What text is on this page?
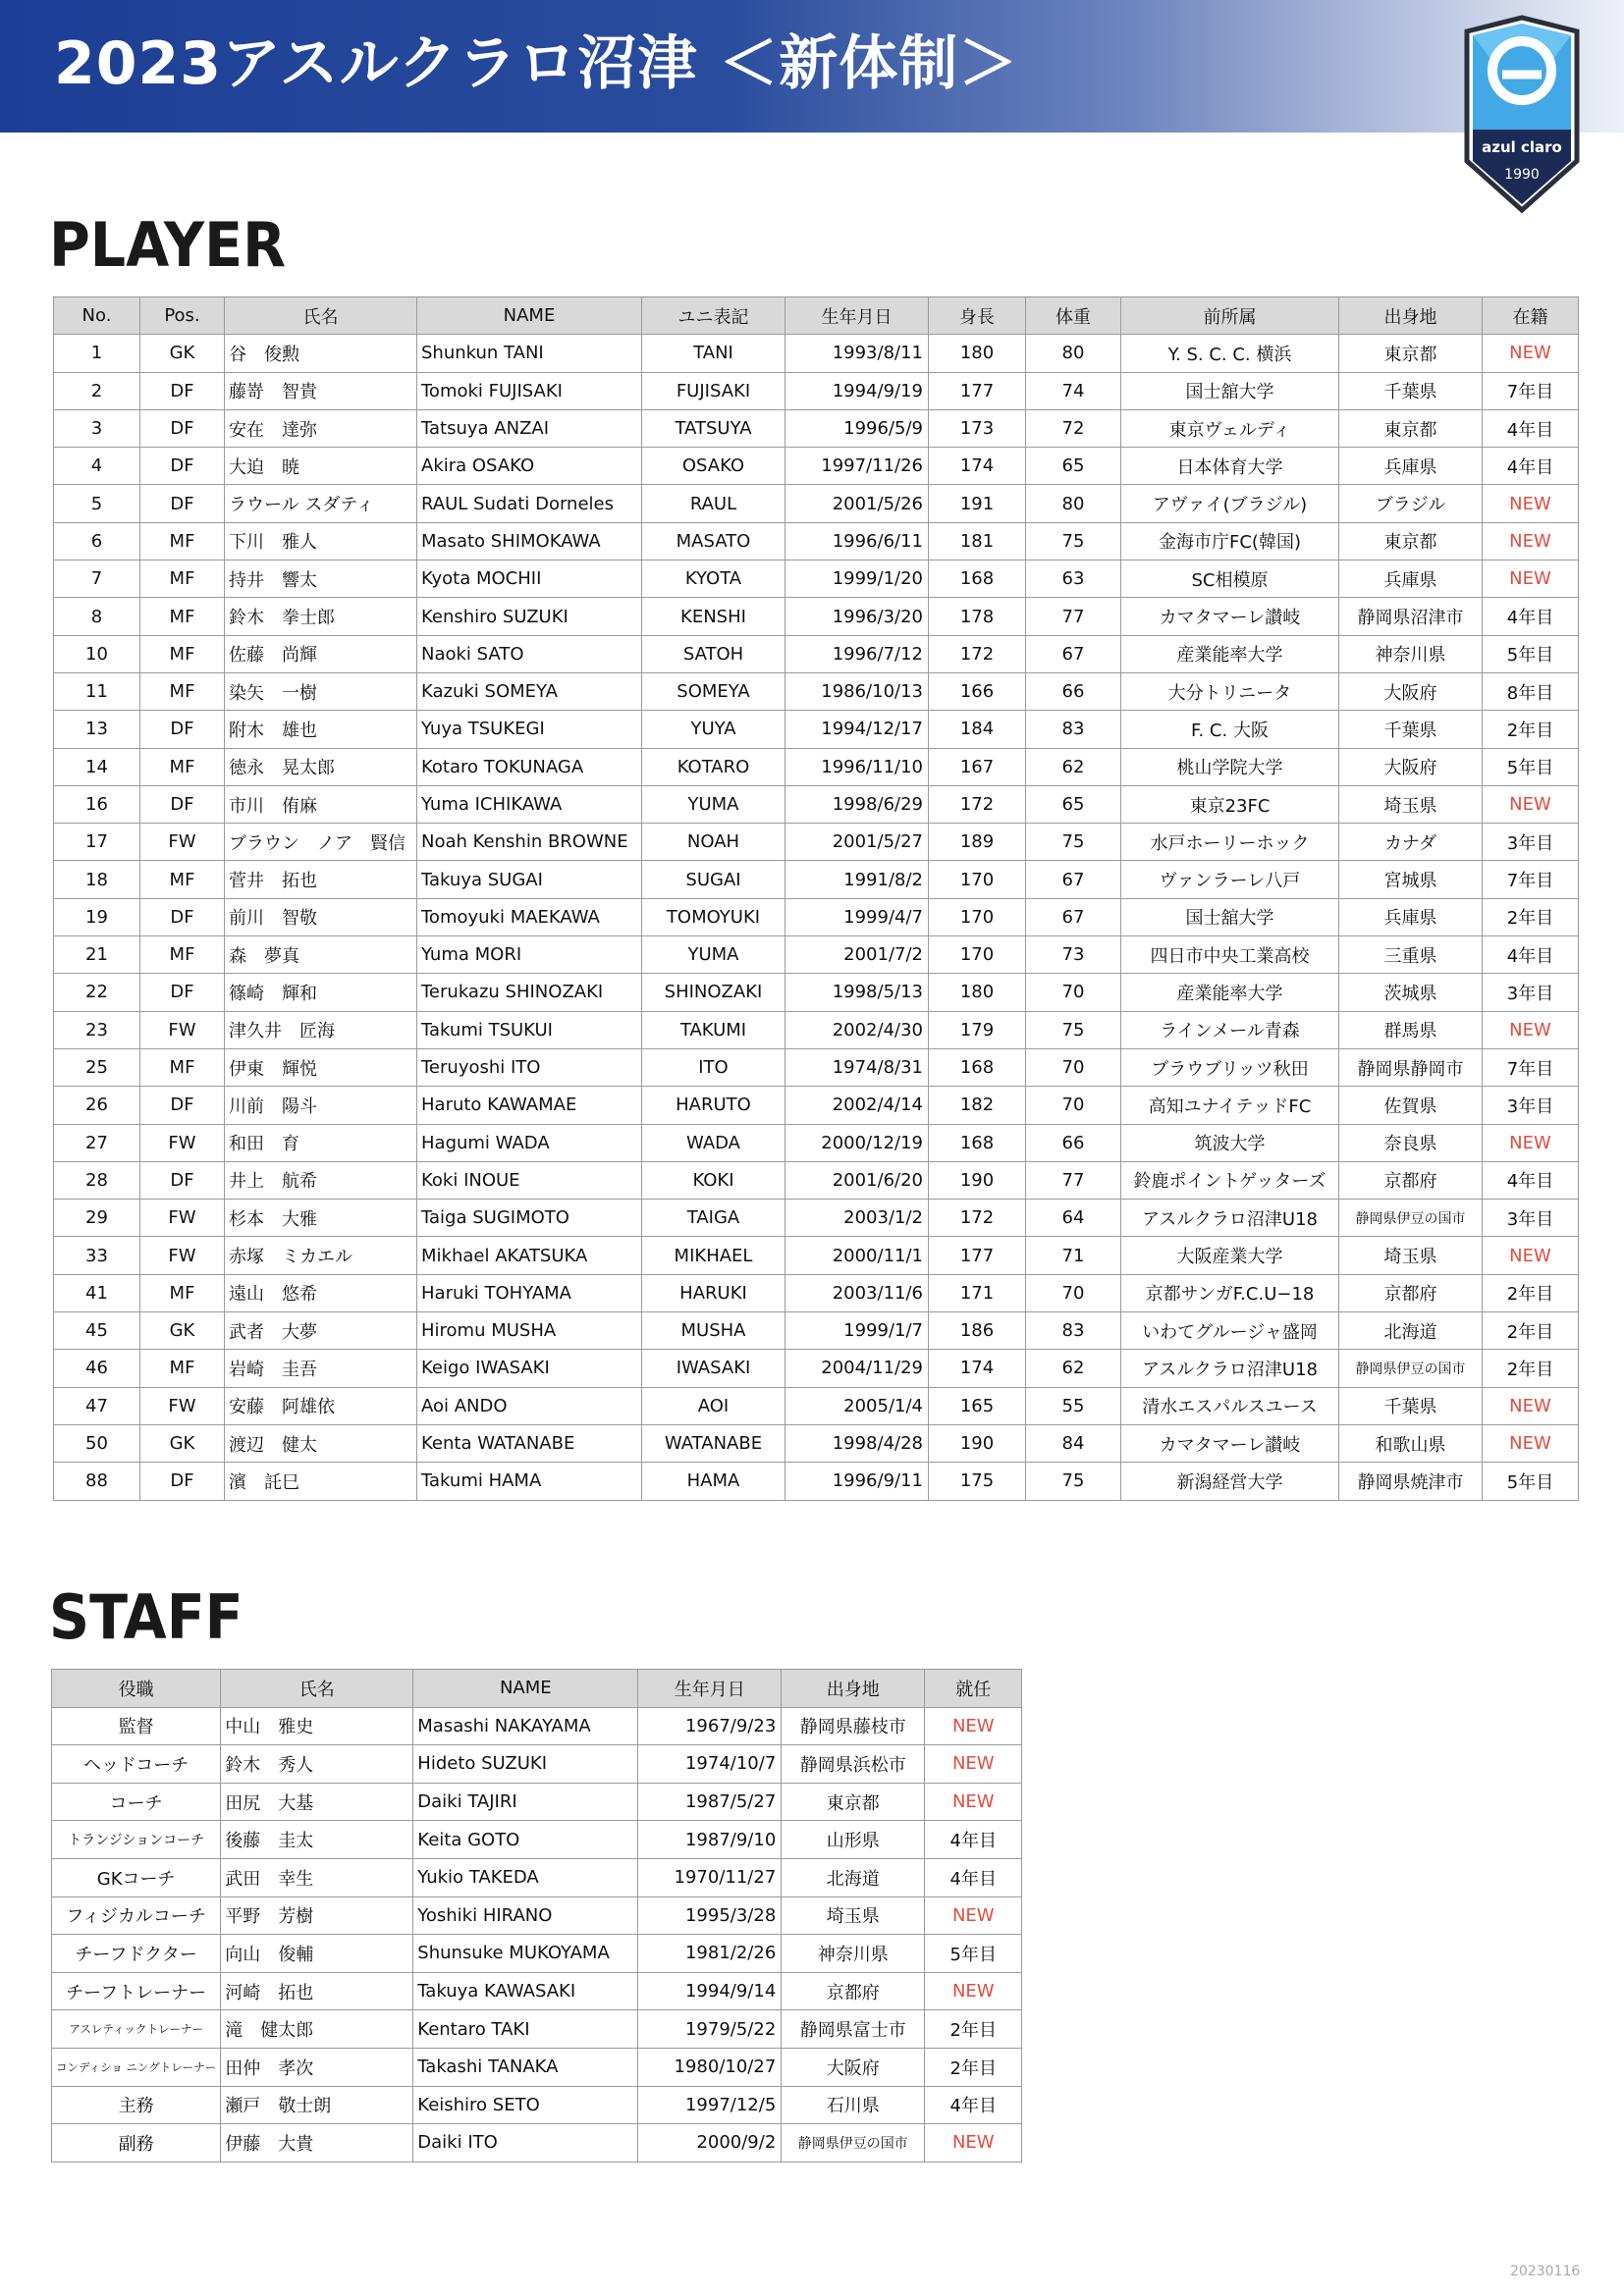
2023アスルクラロ沼津 ＜新体制＞
azul claro
1990
PLAYER
No.	Pos.	氏名	NAME	ユニ表記	生年月日	身長	体重	前所属	出身地	在籍
1	GK	谷　俊勲	Shunkun TANI	TANI	1993/8/11	180	80	Y. S. C. C. 横浜	東京都	NEW
2	DF	藤嵜　智貴	Tomoki FUJISAKI	FUJISAKI	1994/9/19	177	74	国士舘大学	千葉県	7年目
3	DF	安在　達弥	Tatsuya ANZAI	TATSUYA	1996/5/9	173	72	東京ヴェルディ	東京都	4年目
4	DF	大迫　暁	Akira OSAKO	OSAKO	1997/11/26	174	65	日本体育大学	兵庫県	4年目
5	DF	ラウール スダティ	RAUL Sudati Dorneles	RAUL	2001/5/26	191	80	アヴァイ(ブラジル)	ブラジル	NEW
6	MF	下川　雅人	Masato SHIMOKAWA	MASATO	1996/6/11	181	75	金海市庁FC(韓国)	東京都	NEW
7	MF	持井　響太	Kyota MOCHII	KYOTA	1999/1/20	168	63	SC相模原	兵庫県	NEW
8	MF	鈴木　拳士郎	Kenshiro SUZUKI	KENSHI	1996/3/20	178	77	カマタマーレ讃岐	静岡県沼津市	4年目
10	MF	佐藤　尚輝	Naoki SATO	SATOH	1996/7/12	172	67	産業能率大学	神奈川県	5年目
11	MF	染矢　一樹	Kazuki SOMEYA	SOMEYA	1986/10/13	166	66	大分トリニータ	大阪府	8年目
13	DF	附木　雄也	Yuya TSUKEGI	YUYA	1994/12/17	184	83	F. C. 大阪	千葉県	2年目
14	MF	徳永　晃太郎	Kotaro TOKUNAGA	KOTARO	1996/11/10	167	62	桃山学院大学	大阪府	5年目
16	DF	市川　侑麻	Yuma ICHIKAWA	YUMA	1998/6/29	172	65	東京23FC	埼玉県	NEW
17	FW	ブラウン　ノア　賢信	Noah Kenshin BROWNE	NOAH	2001/5/27	189	75	水戸ホーリーホック	カナダ	3年目
18	MF	菅井　拓也	Takuya SUGAI	SUGAI	1991/8/2	170	67	ヴァンラーレ八戸	宮城県	7年目
19	DF	前川　智敬	Tomoyuki MAEKAWA	TOMOYUKI	1999/4/7	170	67	国士舘大学	兵庫県	2年目
21	MF	森　夢真	Yuma MORI	YUMA	2001/7/2	170	73	四日市中央工業高校	三重県	4年目
22	DF	篠崎　輝和	Terukazu SHINOZAKI	SHINOZAKI	1998/5/13	180	70	産業能率大学	茨城県	3年目
23	FW	津久井　匠海	Takumi TSUKUI	TAKUMI	2002/4/30	179	75	ラインメール青森	群馬県	NEW
25	MF	伊東　輝悦	Teruyoshi ITO	ITO	1974/8/31	168	70	ブラウブリッツ秋田	静岡県静岡市	7年目
26	DF	川前　陽斗	Haruto KAWAMAE	HARUTO	2002/4/14	182	70	高知ユナイテッドFC	佐賀県	3年目
27	FW	和田　育	Hagumi WADA	WADA	2000/12/19	168	66	筑波大学	奈良県	NEW
28	DF	井上　航希	Koki INOUE	KOKI	2001/6/20	190	77	鈴鹿ポイントゲッターズ	京都府	4年目
29	FW	杉本　大雅	Taiga SUGIMOTO	TAIGA	2003/1/2	172	64	アスルクラロ沼津U18	静岡県伊豆の国市	3年目
33	FW	赤塚　ミカエル	Mikhael AKATSUKA	MIKHAEL	2000/11/1	177	71	大阪産業大学	埼玉県	NEW
41	MF	遠山　悠希	Haruki TOHYAMA	HARUKI	2003/11/6	171	70	京都サンガF.C.U−18	京都府	2年目
45	GK	武者　大夢	Hiromu MUSHA	MUSHA	1999/1/7	186	83	いわてグルージャ盛岡	北海道	2年目
46	MF	岩崎　圭吾	Keigo IWASAKI	IWASAKI	2004/11/29	174	62	アスルクラロ沼津U18	静岡県伊豆の国市	2年目
47	FW	安藤　阿雄依	Aoi ANDO	AOI	2005/1/4	165	55	清水エスパルスユース	千葉県	NEW
50	GK	渡辺　健太	Kenta WATANABE	WATANABE	1998/4/28	190	84	カマタマーレ讃岐	和歌山県	NEW
88	DF	濱　託巳	Takumi HAMA	HAMA	1996/9/11	175	75	新潟経営大学	静岡県焼津市	5年目
STAFF
役職	氏名	NAME	生年月日	出身地	就任
監督	中山　雅史	Masashi NAKAYAMA	1967/9/23	静岡県藤枝市	NEW
ヘッドコーチ	鈴木　秀人	Hideto SUZUKI	1974/10/7	静岡県浜松市	NEW
コーチ	田尻　大基	Daiki TAJIRI	1987/5/27	東京都	NEW
トランジションコーチ	後藤　圭太	Keita GOTO	1987/9/10	山形県	4年目
GKコーチ	武田　幸生	Yukio TAKEDA	1970/11/27	北海道	4年目
フィジカルコーチ	平野　芳樹	Yoshiki HIRANO	1995/3/28	埼玉県	NEW
チーフドクター	向山　俊輔	Shunsuke MUKOYAMA	1981/2/26	神奈川県	5年目
チーフトレーナー	河崎　拓也	Takuya KAWASAKI	1994/9/14	京都府	NEW
アスレティックトレーナー	滝　健太郎	Kentaro TAKI	1979/5/22	静岡県富士市	2年目
コンディショ ニングトレーナー	田仲　孝次	Takashi TANAKA	1980/10/27	大阪府	2年目
主務	瀬戸　敬士朗	Keishiro SETO	1997/12/5	石川県	4年目
副務	伊藤　大貴	Daiki ITO	2000/9/2	静岡県伊豆の国市	NEW
20230116
